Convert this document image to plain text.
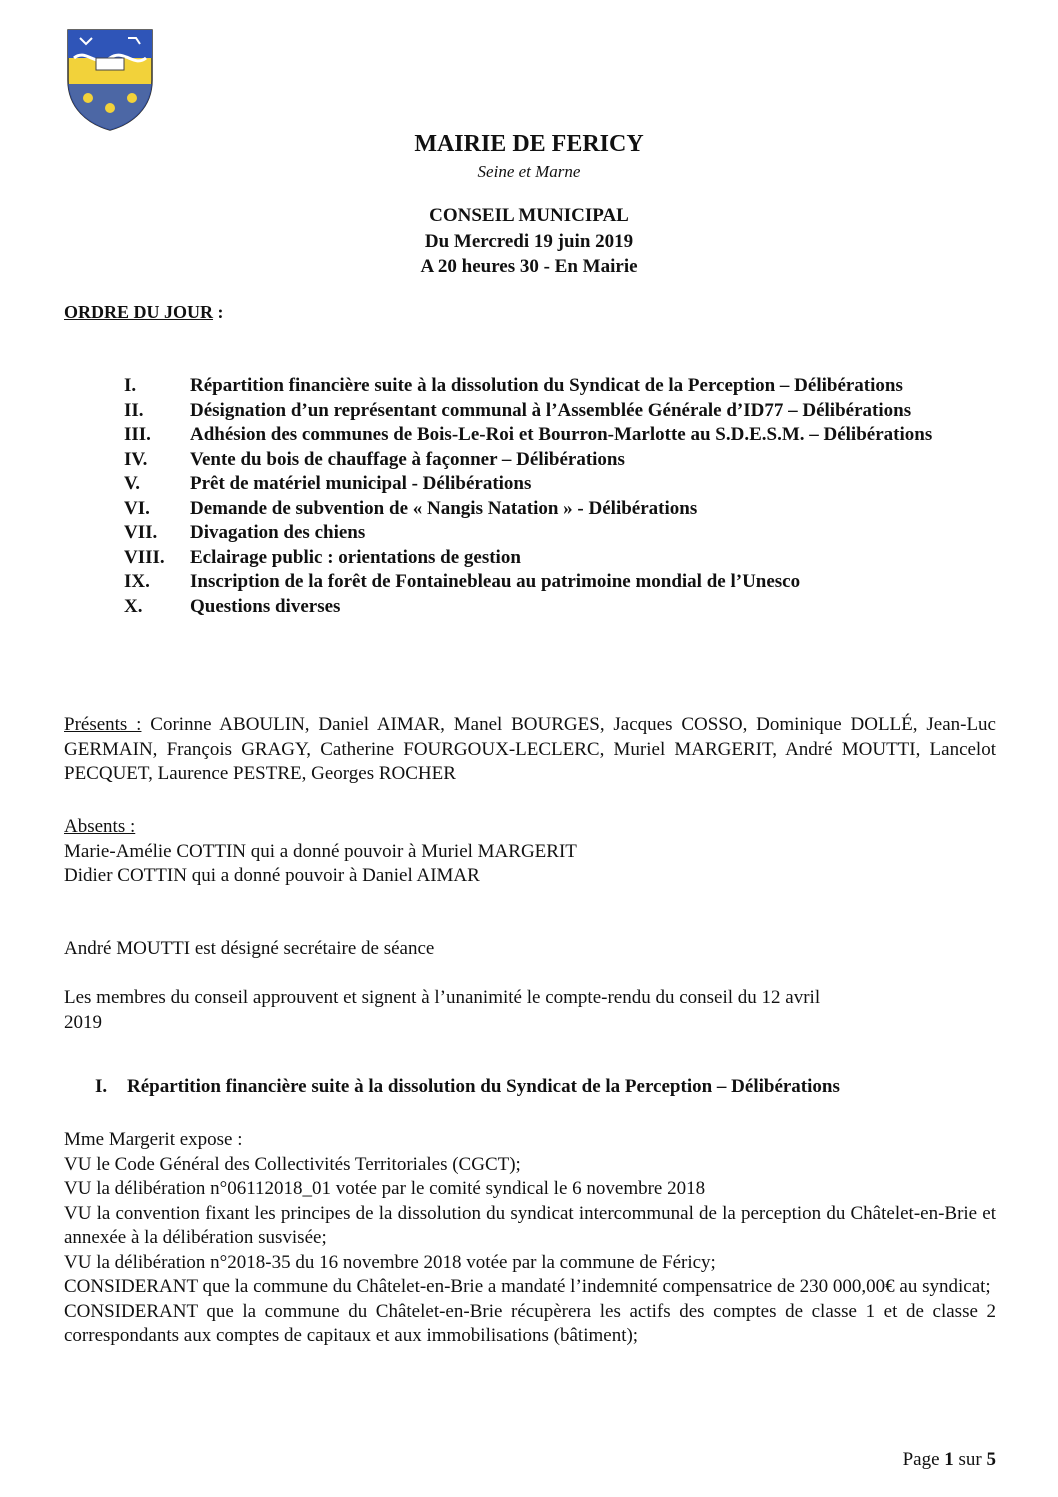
MAIRIE DE FERICY
Seine et Marne
CONSEIL MUNICIPAL
Du Mercredi 19 juin 2019
A 20 heures 30 - En Mairie
ORDRE DU JOUR :
I.	Répartition financière suite à la dissolution du Syndicat de la Perception – Délibérations
II.	Désignation d’un représentant communal à l’Assemblée Générale d’ID77 – Délibérations
III.	Adhésion des communes de Bois-Le-Roi et Bourron-Marlotte au S.D.E.S.M. – Délibérations
IV.	Vente du bois de chauffage à façonner – Délibérations
V.	Prêt de matériel municipal - Délibérations
VI.	Demande de subvention de « Nangis Natation » - Délibérations
VII.	Divagation des chiens
VIII.	Eclairage public : orientations de gestion
IX.	Inscription de la forêt de Fontainebleau au patrimoine mondial de l’Unesco
X.	Questions diverses
Présents : Corinne ABOULIN, Daniel AIMAR, Manel BOURGES, Jacques COSSO, Dominique DOLLÉ, Jean-Luc GERMAIN, François GRAGY, Catherine FOURGOUX-LECLERC, Muriel MARGERIT, André MOUTTI, Lancelot PECQUET, Laurence PESTRE, Georges ROCHER
Absents :
Marie-Amélie COTTIN qui a donné pouvoir à Muriel MARGERIT
Didier COTTIN qui a donné pouvoir à Daniel AIMAR
André MOUTTI est désigné secrétaire de séance
Les membres du conseil approuvent et signent à l’unanimité le compte-rendu du conseil du 12 avril
2019
I. Répartition financière suite à la dissolution du Syndicat de la Perception – Délibérations
Mme Margerit expose :
VU le Code Général des Collectivités Territoriales (CGCT);
VU la délibération n°06112018_01 votée par le comité syndical le 6 novembre 2018
VU la convention fixant les principes de la dissolution du syndicat intercommunal de la perception du Châtelet-en-Brie et annexée à la délibération susvisée;
VU la délibération n°2018-35 du 16 novembre 2018 votée par la commune de Féricy;
CONSIDERANT que la commune du Châtelet-en-Brie a mandaté l’indemnité compensatrice de 230 000,00€ au syndicat;
CONSIDERANT que la commune du Châtelet-en-Brie récupèrera les actifs des comptes de classe 1 et de classe 2 correspondants aux comptes de capitaux et aux immobilisations (bâtiment);
Page 1 sur 5
